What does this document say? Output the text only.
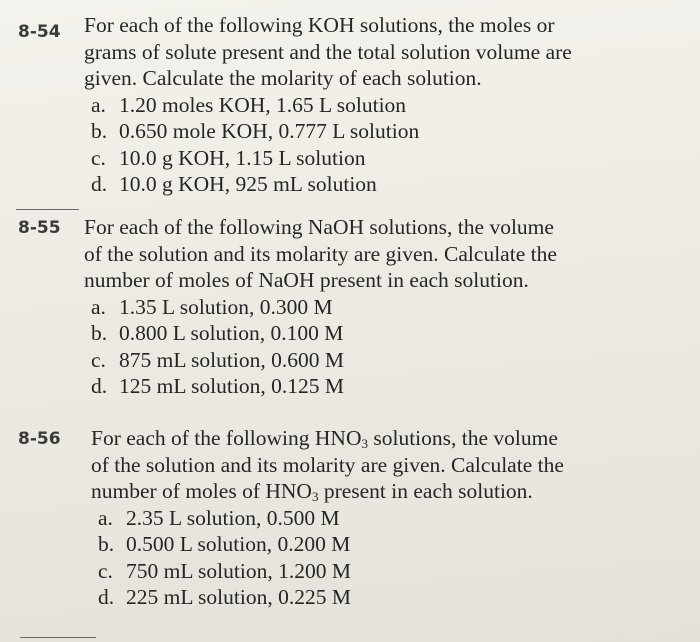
8-54 For each of the following KOH solutions, the moles or
grams of solute present and the total solution volume are
given. Calculate the molarity of each solution.
a. 1.20 moles KOH, 1.65 L solution
b. 0.650 mole KOH, 0.777 L solution
c. 10.0 g KOH, 1.15 L solution
d. 10.0 g KOH, 925 mL solution
8-55 For each of the following NaOH solutions, the volume
of the solution and its molarity are given. Calculate the
number of moles of NaOH present in each solution.
a. 1.35 L solution, 0.300 M
b. 0.800 L solution, 0.100 M
c. 875 mL solution, 0.600 M
d. 125 mL solution, 0.125 M
8-56 For each of the following $HNO_3$ solutions, the volume
of the solution and its molarity are given. Calculate the
number of moles of $HNO_3$ present in each solution.
a. 2.35 L solution, 0.500 M
b. 0.500 L solution, 0.200 M
c. 750 mL solution, 1.200 M
d. 225 mL solution, 0.225 M
